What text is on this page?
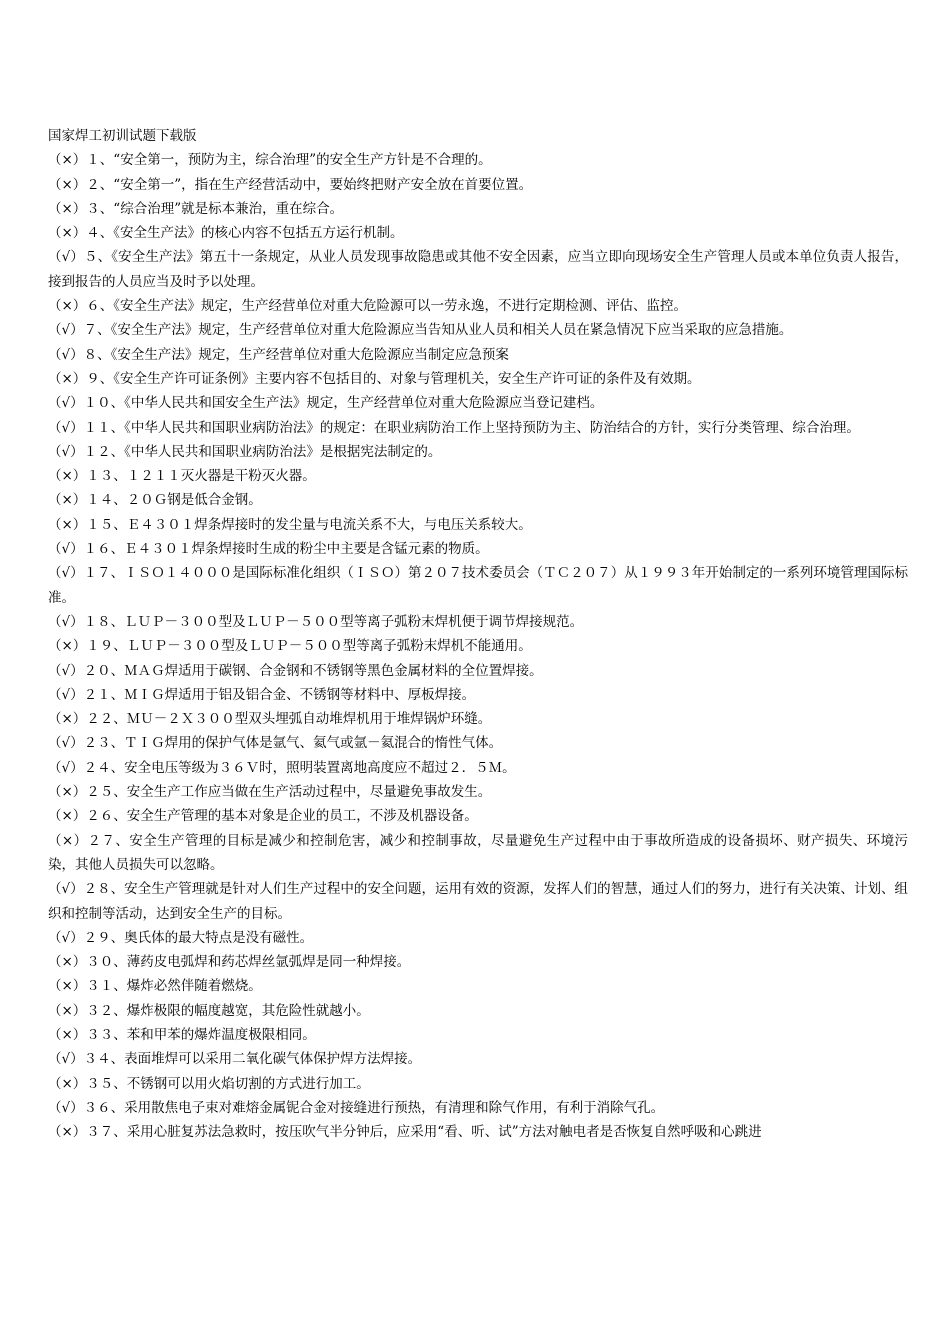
国家焊工初训试题下载版
（×）１、“安全第一，预防为主，综合治理”的安全生产方针是不合理的。
（×）２、“安全第一”，指在生产经营活动中，要始终把财产安全放在首要位置。
（×）３、“综合治理”就是标本兼治，重在综合。
（×）４、《安全生产法》的核心内容不包括五方运行机制。
（√）５、《安全生产法》第五十一条规定，从业人员发现事故隐患或其他不安全因素，应当立即向现场安全生产管理人员或本单位负责人报告，接到报告的人员应当及时予以处理。
（×）６、《安全生产法》规定，生产经营单位对重大危险源可以一劳永逸，不进行定期检测、评估、监控。
（√）７、《安全生产法》规定，生产经营单位对重大危险源应当告知从业人员和相关人员在紧急情况下应当采取的应急措施。
（√）８、《安全生产法》规定，生产经营单位对重大危险源应当制定应急预案
（×）９、《安全生产许可证条例》主要内容不包括目的、对象与管理机关，安全生产许可证的条件及有效期。
（√）１０、《中华人民共和国安全生产法》规定，生产经营单位对重大危险源应当登记建档。
（√）１１、《中华人民共和国职业病防治法》的规定：在职业病防治工作上坚持预防为主、防治结合的方针，实行分类管理、综合治理。
（√）１２、《中华人民共和国职业病防治法》是根据宪法制定的。
（×）１３、１２１１灭火器是干粉灭火器。
（×）１４、２０Ｇ钢是低合金钢。
（×）１５、Ｅ４３０１焊条焊接时的发尘量与电流关系不大，与电压关系较大。
（√）１６、Ｅ４３０１焊条焊接时生成的粉尘中主要是含锰元素的物质。
（√）１７、ＩＳＯ１４０００是国际标准化组织（ＩＳＯ）第２０７技术委员会（ＴＣ２０７）从１９９３年开始制定的一系列环境管理国际标准。
（√）１８、ＬＵＰ－３００型及ＬＵＰ－５００型等离子弧粉末焊机便于调节焊接规范。
（×）１９、ＬＵＰ－３００型及ＬＵＰ－５００型等离子弧粉末焊机不能通用。
（√）２０、ＭＡＧ焊适用于碳钢、合金钢和不锈钢等黑色金属材料的全位置焊接。
（√）２１、ＭＩＧ焊适用于铝及铝合金、不锈钢等材料中、厚板焊接。
（×）２２、ＭＵ－２Ｘ３００型双头埋弧自动堆焊机用于堆焊锅炉环缝。
（√）２３、ＴＩＧ焊用的保护气体是氩气、氦气或氩－氦混合的惰性气体。
（√）２４、安全电压等级为３６Ｖ时，照明装置离地高度应不超过２．５Ｍ。
（×）２５、安全生产工作应当做在生产活动过程中，尽量避免事故发生。
（×）２６、安全生产管理的基本对象是企业的员工，不涉及机器设备。
（×）２７、安全生产管理的目标是减少和控制危害，减少和控制事故，尽量避免生产过程中由于事故所造成的设备损坏、财产损失、环境污染，其他人员损失可以忽略。
（√）２８、安全生产管理就是针对人们生产过程中的安全问题，运用有效的资源，发挥人们的智慧，通过人们的努力，进行有关决策、计划、组织和控制等活动，达到安全生产的目标。
（√）２９、奥氏体的最大特点是没有磁性。
（×）３０、薄药皮电弧焊和药芯焊丝氩弧焊是同一种焊接。
（×）３１、爆炸必然伴随着燃烧。
（×）３２、爆炸极限的幅度越宽，其危险性就越小。
（×）３３、苯和甲苯的爆炸温度极限相同。
（√）３４、表面堆焊可以采用二氧化碳气体保护焊方法焊接。
（×）３５、不锈钢可以用火焰切割的方式进行加工。
（√）３６、采用散焦电子束对难熔金属铌合金对接缝进行预热，有清理和除气作用，有利于消除气孔。
（×）３７、采用心脏复苏法急救时，按压吹气半分钟后，应采用“看、听、试”方法对触电者是否恢复自然呼吸和心跳进
